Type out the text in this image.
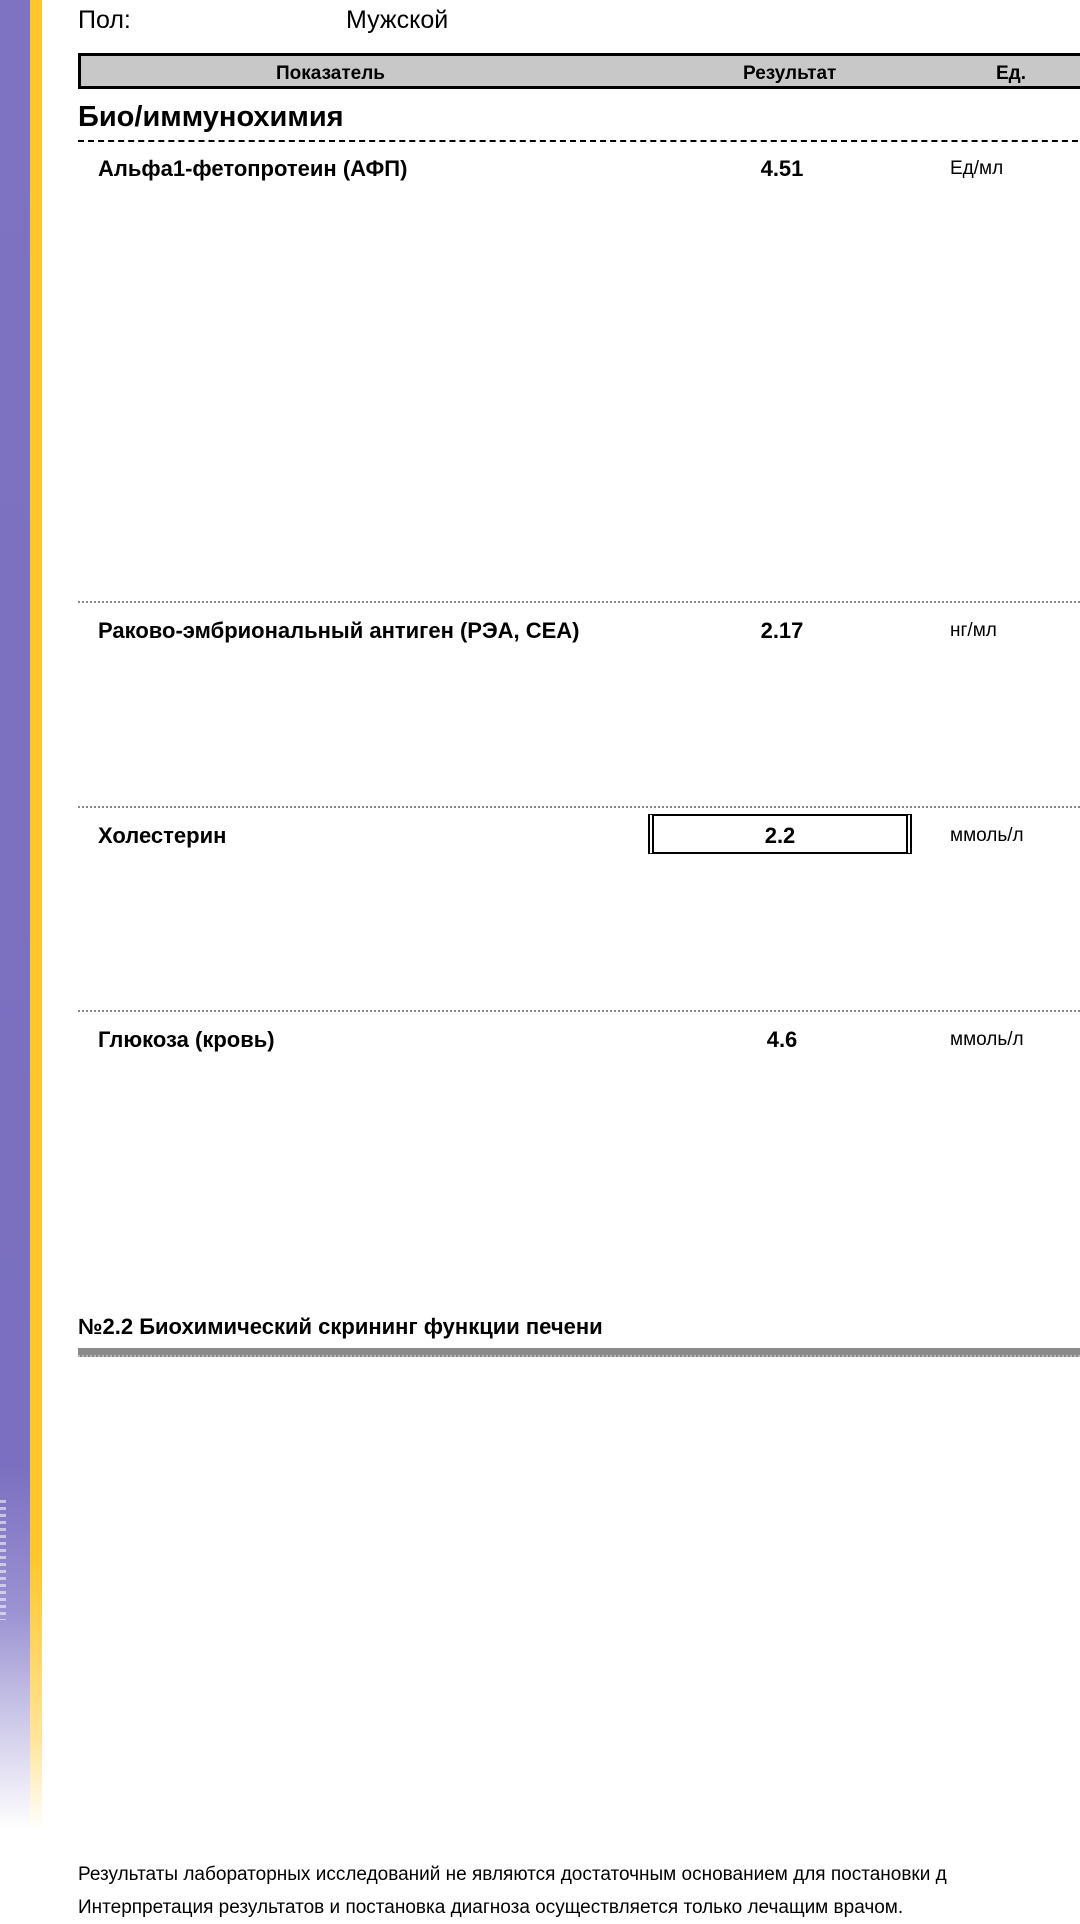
Пол:	Мужской
Показатель	Результат	Ед.
Био/иммунохимия
Альфа1-фетопротеин (АФП)	4.51	Ед/мл
Раково-эмбриональный антиген (РЭА, CEA)	2.17	нг/мл
Холестерин	2.2	ммоль/л
Глюкоза (кровь)	4.6	ммоль/л
№2.2 Биохимический скрининг функции печени
Результаты лабораторных исследований не являются достаточным основанием для постановки д
Интерпретация результатов и постановка диагноза осуществляется только лечащим врачом.
